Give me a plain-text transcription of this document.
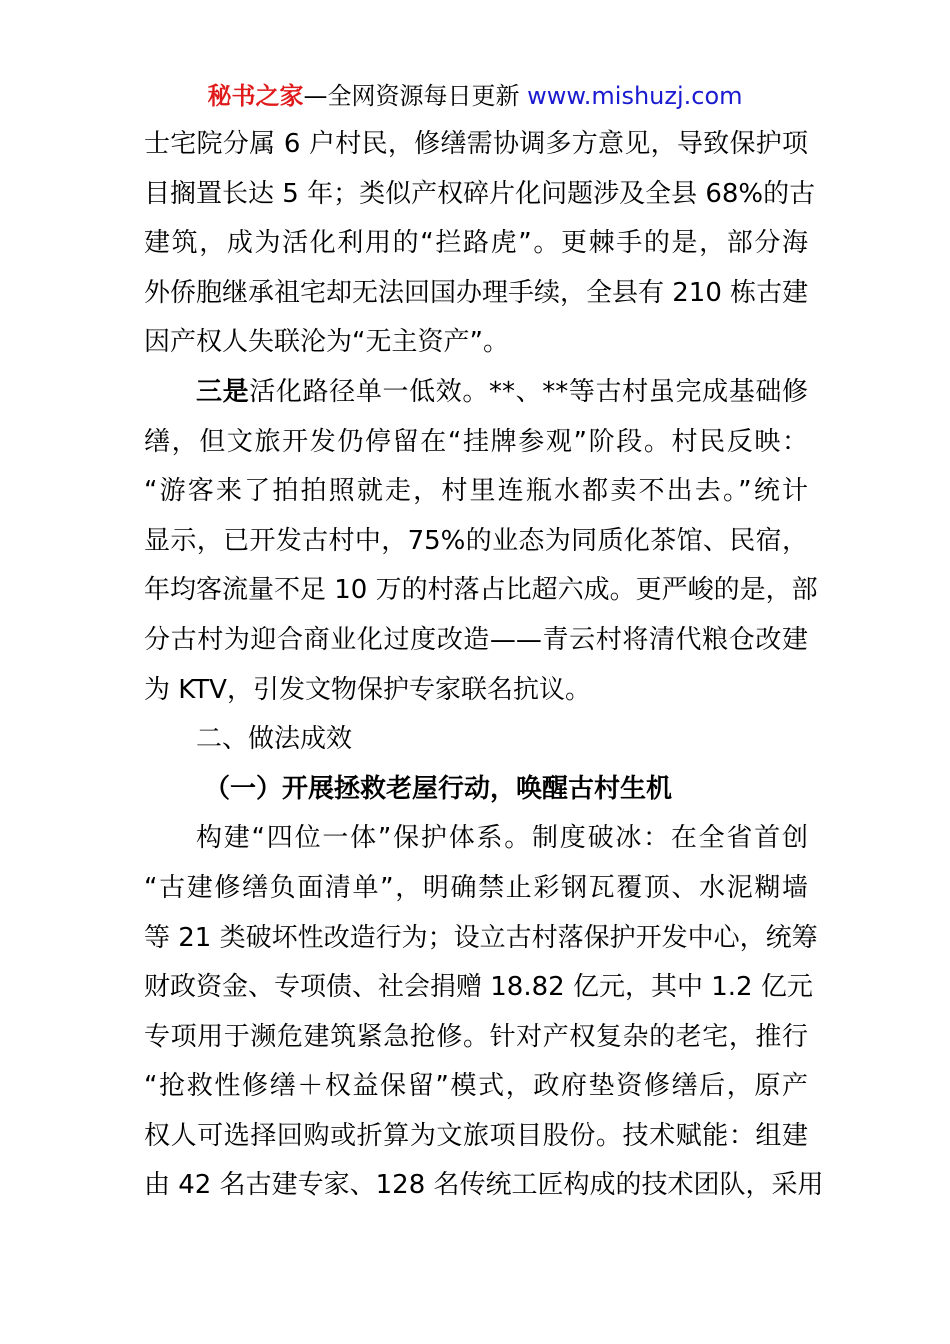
秘书之家—全网资源每日更新 www.mishuzj.com
士宅院分属 6 户村民，修缮需协调多方意见，导致保护项
目搁置长达 5 年；类似产权碎片化问题涉及全县 68%的古
建筑，成为活化利用的“拦路虎”。更棘手的是，部分海
外侨胞继承祖宅却无法回国办理手续，全县有 210 栋古建
因产权人失联沦为“无主资产”。
三是活化路径单一低效。**、**等古村虽完成基础修
缮，但文旅开发仍停留在“挂牌参观”阶段。村民反映：
“游客来了拍拍照就走，村里连瓶水都卖不出去。”统计
显示，已开发古村中，75%的业态为同质化茶馆、民宿，
年均客流量不足 10 万的村落占比超六成。更严峻的是，部
分古村为迎合商业化过度改造——青云村将清代粮仓改建
为 KTV，引发文物保护专家联名抗议。
二、做法成效
（一）开展拯救老屋行动，唤醒古村生机
构建“四位一体”保护体系。制度破冰：在全省首创
“古建修缮负面清单”，明确禁止彩钢瓦覆顶、水泥糊墙
等 21 类破坏性改造行为；设立古村落保护开发中心，统筹
财政资金、专项债、社会捐赠 18.82 亿元，其中 1.2 亿元
专项用于濒危建筑紧急抢修。针对产权复杂的老宅，推行
“抢救性修缮＋权益保留”模式，政府垫资修缮后，原产
权人可选择回购或折算为文旅项目股份。技术赋能：组建
由 42 名古建专家、128 名传统工匠构成的技术团队，采用
